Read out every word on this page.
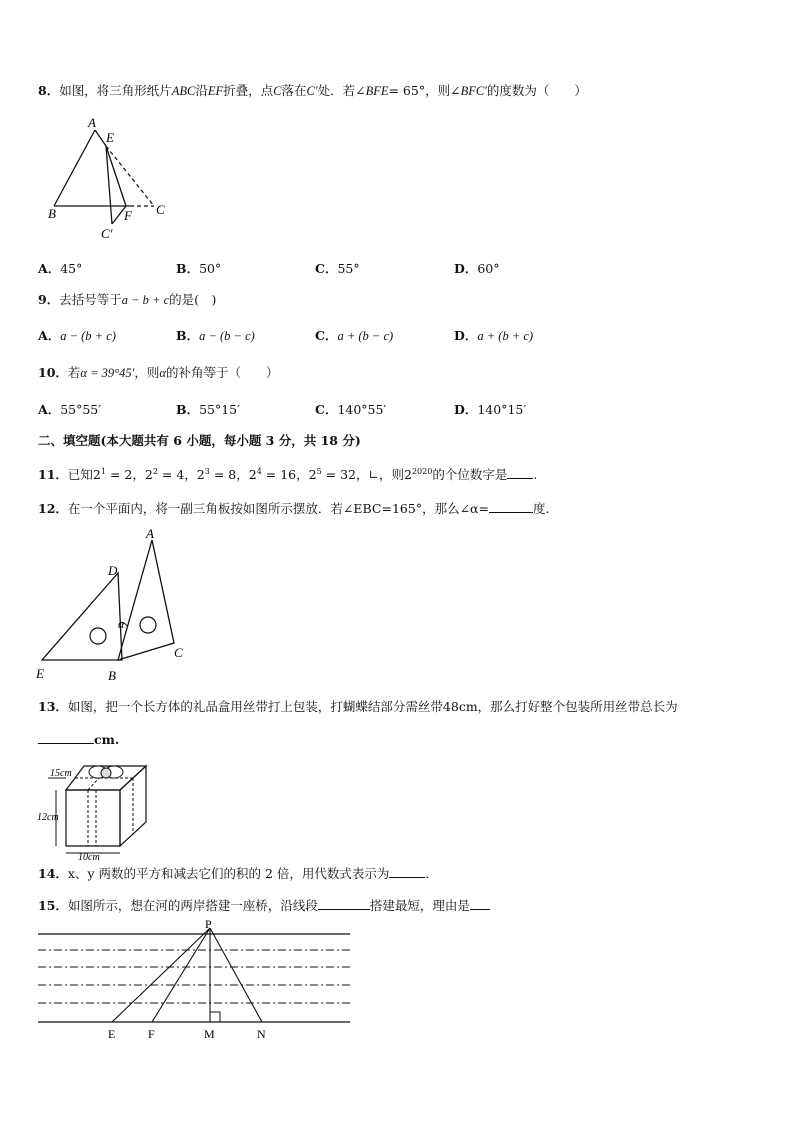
8．如图，将三角形纸片ABC沿EF折叠，点C落在C′处．若∠BFE= 65°，则∠BFC′的度数为（　　）
A
E
B	F C
C′
A．45°	B．50°	C．55°	D．60°
9．去括号等于a − b + c的是(　)
A．a − (b + c)	B．a − (b − c)	C．a + (b − c)	D．a + (b + c)
10．若α = 39°45′，则α的补角等于（　　）
A．55°55′	B．55°15′	C．140°55′	D．140°15′
二、填空题(本大题共有 6 小题，每小题 3 分，共 18 分)
11．已知$2^1 = 2$，$2^2 = 4$，$2^3 = 8$，$2^4 = 16$，$2^5 = 32$，∟，则$2^{2020}$的个位数字是 .
12．在一个平面内，将一副三角板按如图所示摆放．若∠EBC=165°，那么∠α=	度.
A
D
α
E	B
C
13．如图，把一个长方体的礼品盒用丝带打上包装，打蝴蝶结部分需丝带48cm，那么打好整个包装所用丝带总长为
cm.
15cm
12cm
10cm
14．x、y 两数的平方和减去它们的积的 2 倍，用代数式表示为	.
15．如图所示，想在河的两岸搭建一座桥，沿线段	搭建最短，理由是
P
E	F	M	N
